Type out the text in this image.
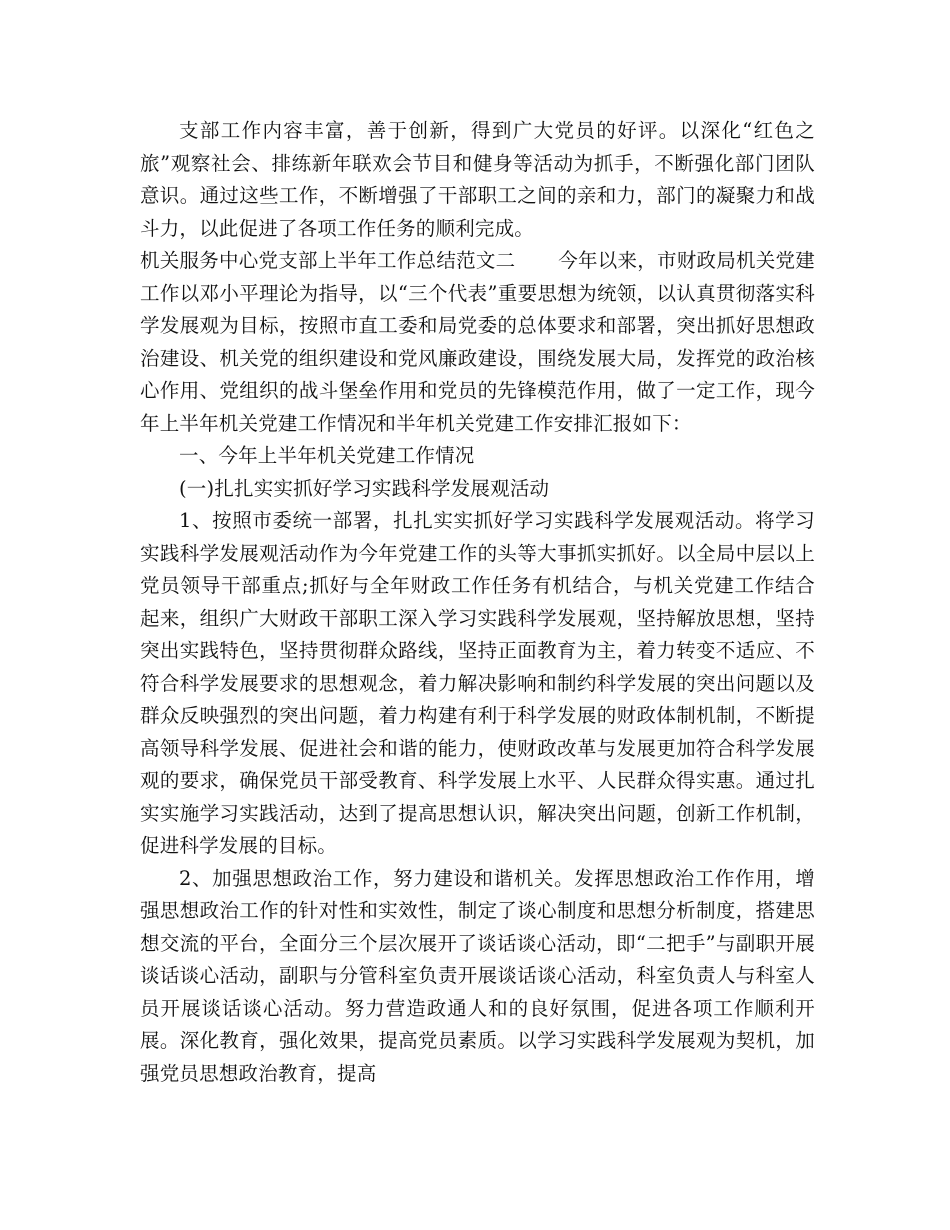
支部工作内容丰富，善于创新，得到广大党员的好评。以深化“红色之旅”观察社会、排练新年联欢会节目和健身等活动为抓手，不断强化部门团队意识。通过这些工作，不断增强了干部职工之间的亲和力，部门的凝聚力和战斗力，以此促进了各项工作任务的顺利完成。

机关服务中心党支部上半年工作总结范文二 今年以来，市财政局机关党建工作以邓小平理论为指导，以“三个代表”重要思想为统领，以认真贯彻落实科学发展观为目标，按照市直工委和局党委的总体要求和部署，突出抓好思想政治建设、机关党的组织建设和党风廉政建设，围绕发展大局，发挥党的政治核心作用、党组织的战斗堡垒作用和党员的先锋模范作用，做了一定工作，现今年上半年机关党建工作情况和半年机关党建工作安排汇报如下：

一、今年上半年机关党建工作情况

(一)扎扎实实抓好学习实践科学发展观活动

1、按照市委统一部署，扎扎实实抓好学习实践科学发展观活动。将学习实践科学发展观活动作为今年党建工作的头等大事抓实抓好。以全局中层以上党员领导干部重点;抓好与全年财政工作任务有机结合，与机关党建工作结合起来，组织广大财政干部职工深入学习实践科学发展观，坚持解放思想，坚持突出实践特色，坚持贯彻群众路线，坚持正面教育为主，着力转变不适应、不符合科学发展要求的思想观念，着力解决影响和制约科学发展的突出问题以及群众反映强烈的突出问题，着力构建有利于科学发展的财政体制机制，不断提高领导科学发展、促进社会和谐的能力，使财政改革与发展更加符合科学发展观的要求，确保党员干部受教育、科学发展上水平、人民群众得实惠。通过扎实实施学习实践活动，达到了提高思想认识，解决突出问题，创新工作机制，促进科学发展的目标。

2、加强思想政治工作，努力建设和谐机关。发挥思想政治工作作用，增强思想政治工作的针对性和实效性，制定了谈心制度和思想分析制度，搭建思想交流的平台，全面分三个层次展开了谈话谈心活动，即“二把手”与副职开展谈话谈心活动，副职与分管科室负责开展谈话谈心活动，科室负责人与科室人员开展谈话谈心活动。努力营造政通人和的良好氛围，促进各项工作顺利开展。深化教育，强化效果，提高党员素质。以学习实践科学发展观为契机，加强党员思想政治教育，提高
